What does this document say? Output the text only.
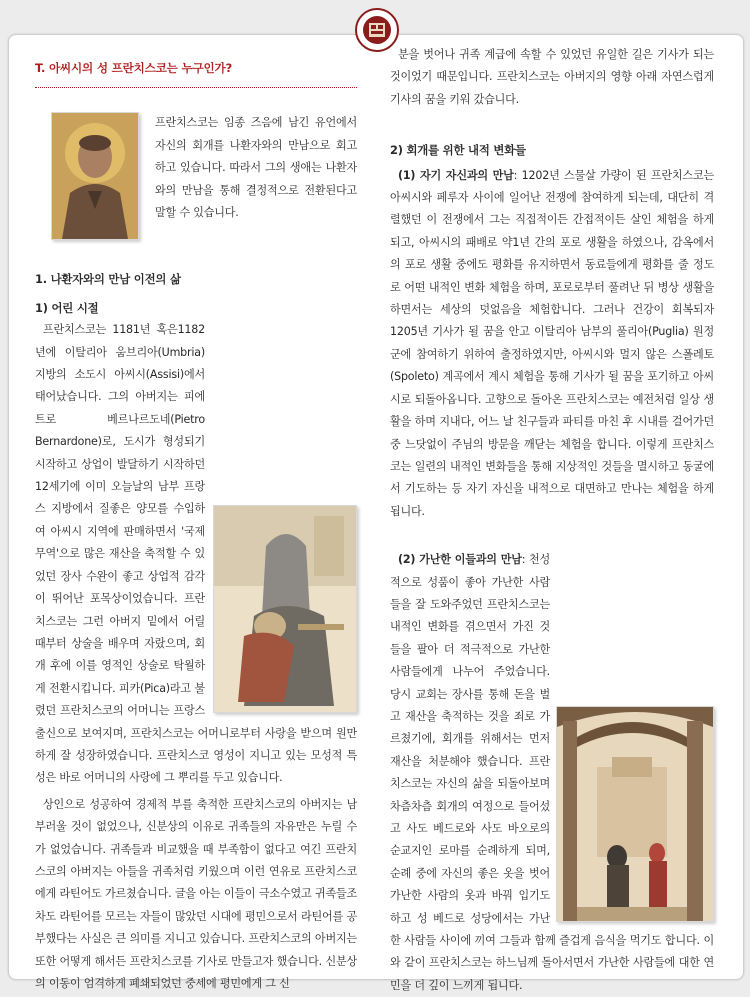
T. 아씨시의 성 프란치스코는 누구인가?

프란치스코는 임종 즈음에 남긴 유언에서 자신의 회개를 나환자와의 만남으로 회고하고 있습니다. 따라서 그의 생애는 나환자와의 만남을 통해 결정적으로 전환된다고 말할 수 있습니다.

1. 나환자와의 만남 이전의 삶

1) 어린 시절

프란치스코는 1181년 혹은1182년에 이탈리아 움브리아(Umbria) 지방의 소도시 아씨시(Assisi)에서 태어났습니다. 그의 아버지는 피에트로 베르나르도네(Pietro Bernardone)로, 도시가 형성되기 시작하고 상업이 발달하기 시작하던 12세기에 이미 오늘날의 남부 프랑스 지방에서 질좋은 양모를 수입하여 아씨시 지역에 판매하면서 '국제 무역'으로 많은 재산을 축적할 수 있었던 장사 수완이 좋고 상업적 감각이 뛰어난 포목상이었습니다. 프란치스코는 그런 아버지 밑에서 어릴 때부터 상술을 배우며 자랐으며, 회개 후에 이를 영적인 상술로 탁월하게 전환시킵니다. 피카(Pica)라고 불렸던 프란치스코의 어머니는 프랑스 출신으로 보여지며, 프란치스코는 어머니로부터 사랑을 받으며 원만하게 잘 성장하였습니다. 프란치스코 영성이 지니고 있는 모성적 특성은 바로 어머니의 사랑에 그 뿌리를 두고 있습니다.

상인으로 성공하여 경제적 부를 축적한 프란치스코의 아버지는 남 부러울 것이 없었으나, 신분상의 이유로 귀족들의 자유만은 누릴 수가 없었습니다. 귀족들과 비교했을 때 부족함이 없다고 여긴 프란치스코의 아버지는 아들을 귀족처럼 키웠으며 이런 연유로 프란치스코에게 라틴어도 가르쳤습니다. 글을 아는 이들이 극소수였고 귀족들조차도 라틴어를 모르는 자들이 많았던 시대에 평민으로서 라틴어를 공부했다는 사실은 큰 의미를 지니고 있습니다. 프란치스코의 아버지는 또한 어떻게 해서든 프란치스코를 기사로 만들고자 했습니다. 신분상의 이동이 엄격하게 폐쇄되었던 중세에 평민에게 그 신

분을 벗어나 귀족 계급에 속할 수 있었던 유일한 길은 기사가 되는 것이었기 때문입니다. 프란치스코는 아버지의 영향 아래 자연스럽게 기사의 꿈을 키워 갔습니다.

2) 회개를 위한 내적 변화들

(1) 자기 자신과의 만남: 1202년 스물살 가량이 된 프란치스코는 아씨시와 페루자 사이에 일어난 전쟁에 참여하게 되는데, 대단히 격렬했던 이 전쟁에서 그는 직접적이든 간접적이든 살인 체험을 하게 되고, 아씨시의 패배로 약1년 간의 포로 생활을 하였으나, 감옥에서의 포로 생활 중에도 평화를 유지하면서 동료들에게 평화를 줄 정도로 어떤 내적인 변화 체험을 하며, 포로로부터 풀려난 뒤 병상 생활을 하면서는 세상의 덧없음을 체험합니다. 그러나 건강이 회복되자 1205년 기사가 될 꿈을 안고 이탈리아 남부의 풀리아(Puglia) 원정군에 참여하기 위하여 출정하였지만, 아씨시와 멀지 않은 스폴레토(Spoleto) 계곡에서 계시 체험을 통해 기사가 될 꿈을 포기하고 아씨시로 되돌아옵니다. 고향으로 돌아온 프란치스코는 예전처럼 일상 생활을 하며 지내다, 어느 날 친구들과 파티를 마친 후 시내를 걸어가던 중 느닷없이 주님의 방문을 깨닫는 체험을 합니다. 이렇게 프란치스코는 일련의 내적인 변화들을 통해 지상적인 것들을 멸시하고 동굴에서 기도하는 등 자기 자신을 내적으로 대면하고 만나는 체험을 하게 됩니다.

(2) 가난한 이들과의 만남: 천성적으로 성품이 좋아 가난한 사람들을 잘 도와주었던 프란치스코는 내적인 변화를 겪으면서 가진 것들을 팔아 더 적극적으로 가난한 사람들에게 나누어 주었습니다. 당시 교회는 장사를 통해 돈을 벌고 재산을 축적하는 것을 죄로 가르쳤기에, 회개를 위해서는 먼저 재산을 처분해야 했습니다. 프란치스코는 자신의 삶을 되돌아보며 차츰차츰 회개의 여정으로 들어섰고 사도 베드로와 사도 바오로의 순교지인 로마를 순례하게 되며, 순례 중에 자신의 좋은 옷을 벗어 가난한 사람의 옷과 바꿔 입기도 하고 성 베드로 성당에서는 가난한 사람들 사이에 끼여 그들과 함께 즐겁게 음식을 먹기도 합니다. 이와 같이 프란치스코는 하느님께 돌아서면서 가난한 사람들에 대한 연민을 더 깊이 느끼게 됩니다.
